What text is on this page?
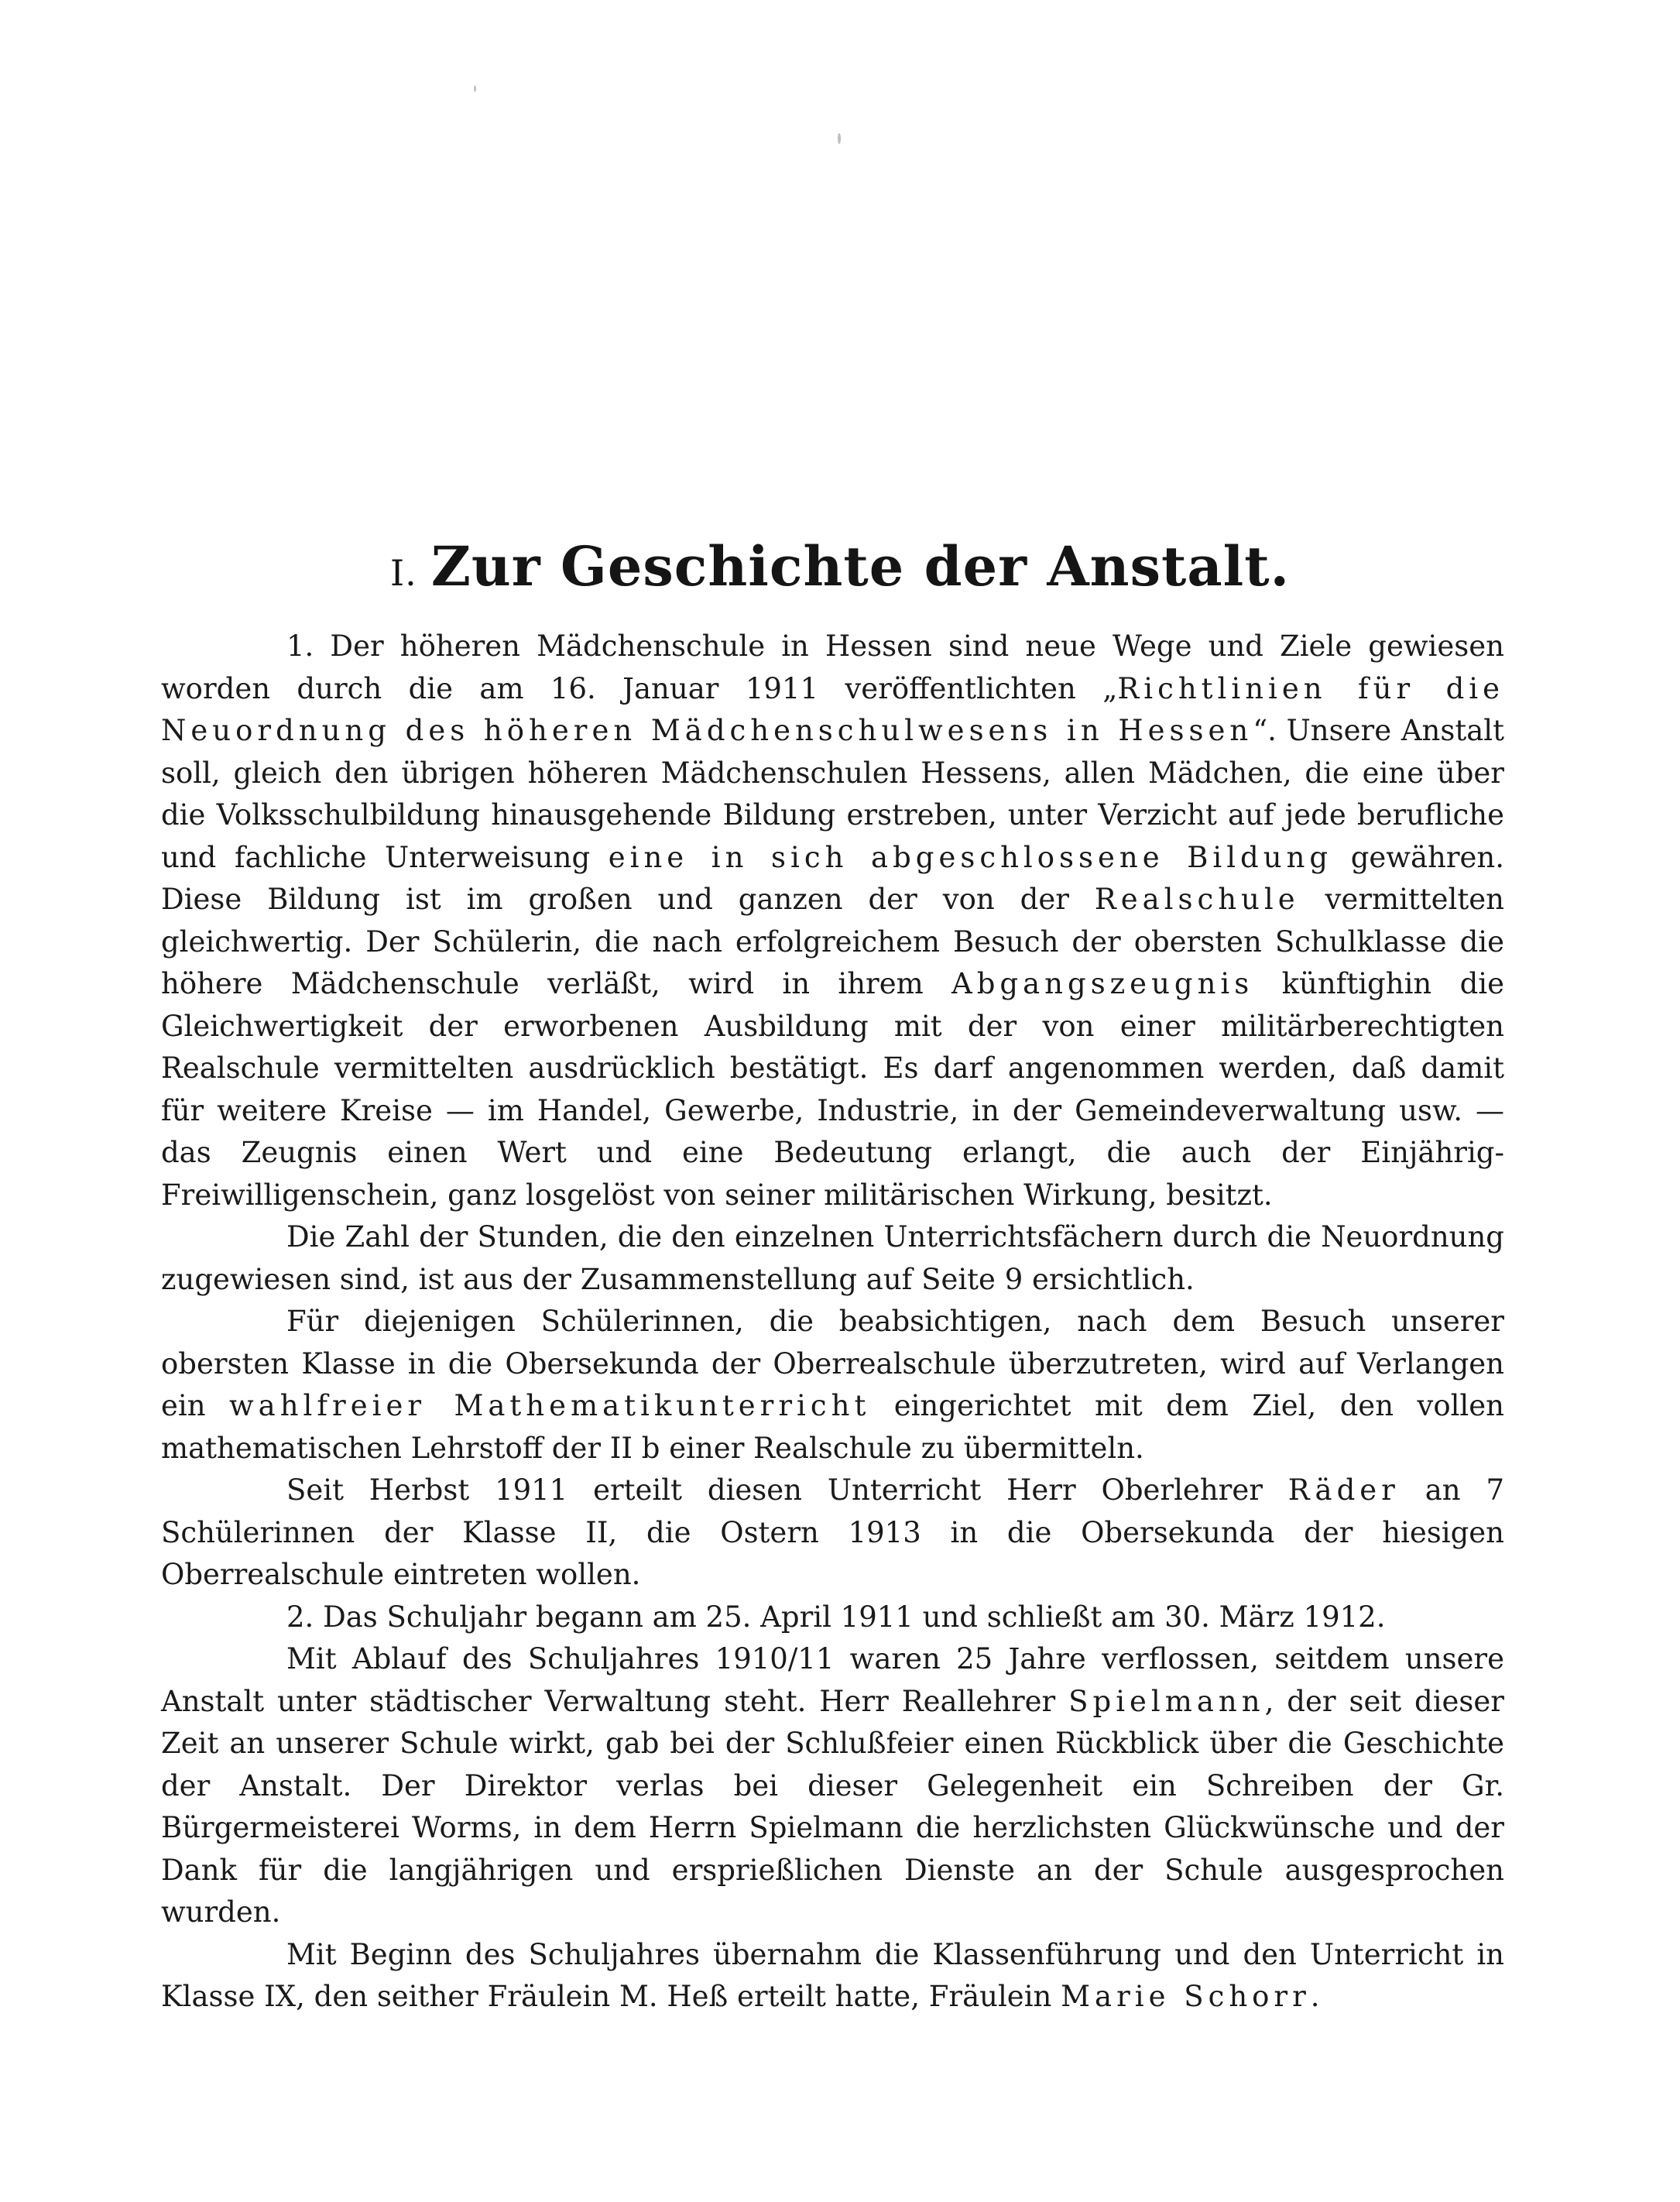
I. Zur Geschichte der Anstalt.

1. Der höheren Mädchenschule in Hessen sind neue Wege und Ziele gewiesen worden durch die am 16. Januar 1911 veröffentlichten „Richtlinien für die Neuordnung des höheren Mädchenschulwesens in Hessen“. Unsere Anstalt soll, gleich den übrigen höheren Mädchenschulen Hessens, allen Mädchen, die eine über die Volksschulbildung hinausgehende Bildung erstreben, unter Verzicht auf jede berufliche und fachliche Unterweisung eine in sich abgeschlossene Bildung gewähren. Diese Bildung ist im großen und ganzen der von der Realschule vermittelten gleichwertig. Der Schülerin, die nach erfolgreichem Besuch der obersten Schulklasse die höhere Mädchenschule verläßt, wird in ihrem Abgangszeugnis künftighin die Gleichwertigkeit der erworbenen Ausbildung mit der von einer militärberechtigten Realschule vermittelten ausdrücklich bestätigt. Es darf angenommen werden, daß damit für weitere Kreise — im Handel, Gewerbe, Industrie, in der Gemeindeverwaltung usw. — das Zeugnis einen Wert und eine Bedeutung erlangt, die auch der Einjährig-Freiwilligenschein, ganz losgelöst von seiner militärischen Wirkung, besitzt.

Die Zahl der Stunden, die den einzelnen Unterrichtsfächern durch die Neuordnung zugewiesen sind, ist aus der Zusammenstellung auf Seite 9 ersichtlich.

Für diejenigen Schülerinnen, die beabsichtigen, nach dem Besuch unserer obersten Klasse in die Obersekunda der Oberrealschule überzutreten, wird auf Verlangen ein wahlfreier Mathematikunterricht eingerichtet mit dem Ziel, den vollen mathematischen Lehrstoff der II b einer Realschule zu übermitteln.

Seit Herbst 1911 erteilt diesen Unterricht Herr Oberlehrer Räder an 7 Schülerinnen der Klasse II, die Ostern 1913 in die Obersekunda der hiesigen Oberrealschule eintreten wollen.

2. Das Schuljahr begann am 25. April 1911 und schließt am 30. März 1912.

Mit Ablauf des Schuljahres 1910/11 waren 25 Jahre verflossen, seitdem unsere Anstalt unter städtischer Verwaltung steht. Herr Reallehrer Spielmann, der seit dieser Zeit an unserer Schule wirkt, gab bei der Schlußfeier einen Rückblick über die Geschichte der Anstalt. Der Direktor verlas bei dieser Gelegenheit ein Schreiben der Gr. Bürgermeisterei Worms, in dem Herrn Spielmann die herzlichsten Glückwünsche und der Dank für die langjährigen und ersprießlichen Dienste an der Schule ausgesprochen wurden.

Mit Beginn des Schuljahres übernahm die Klassenführung und den Unterricht in Klasse IX, den seither Fräulein M. Heß erteilt hatte, Fräulein Marie Schorr.
